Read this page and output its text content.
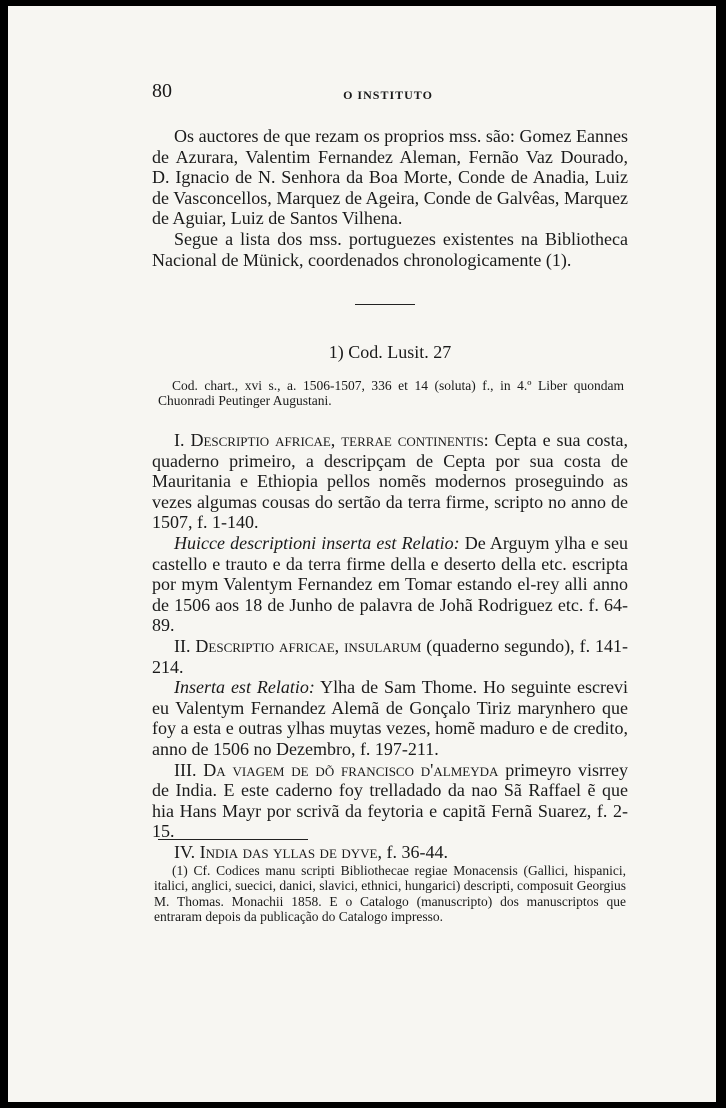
80	O INSTITUTO

Os auctores de que rezam os proprios mss. são: Gomez Eannes de Azurara, Valentim Fernandez Aleman, Fernão Vaz Dourado, D. Ignacio de N. Senhora da Boa Morte, Conde de Anadia, Luiz de Vasconcellos, Marquez de Ageira, Conde de Galvêas, Marquez de Aguiar, Luiz de Santos Vilhena.

Segue a lista dos mss. portuguezes existentes na Bibliotheca Nacional de Münick, coordenados chronologicamente (1).

1) Cod. Lusit. 27

Cod. chart., xvi s., a. 1506-1507, 336 et 14 (soluta) f., in 4.º Liber quondam Chuonradi Peutinger Augustani.

I. Descriptio africae, terrae continentis: Cepta e sua costa, quaderno primeiro, a descripçam de Cepta por sua costa de Mauritania e Ethiopia pellos nomẽs modernos proseguindo as vezes algumas cousas do sertão da terra firme, scripto no anno de 1507, f. 1-140.

Huicce descriptioni inserta est Relatio: De Arguym ylha e seu castello e trauto e da terra firme della e deserto della etc. escripta por mym Valentym Fernandez em Tomar estando el-rey alli anno de 1506 aos 18 de Junho de palavra de Johã Rodriguez etc. f. 64-89.

II. Descriptio africae, insularum (quaderno segundo), f. 141-214.

Inserta est Relatio: Ylha de Sam Thome. Ho seguinte escrevi eu Valentym Fernandez Alemã de Gonçalo Tiriz marynhero que foy a esta e outras ylhas muytas vezes, homẽ maduro e de credito, anno de 1506 no Dezembro, f. 197-211.

III. Da viagem de dõ francisco d'almeyda primeyro visrrey de India. E este caderno foy trelladado da nao Sã Raffael ẽ que hia Hans Mayr por scrivã da feytoria e capitã Fernã Suarez, f. 2-15.

IV. India das yllas de dyve, f. 36-44.

(1) Cf. Codices manu scripti Bibliothecae regiae Monacensis (Gallici, hispanici, italici, anglici, suecici, danici, slavici, ethnici, hungarici) descripti, composuit Georgius M. Thomas. Monachii 1858. E o Catalogo (manuscripto) dos manuscriptos que entraram depois da publicação do Catalogo impresso.
